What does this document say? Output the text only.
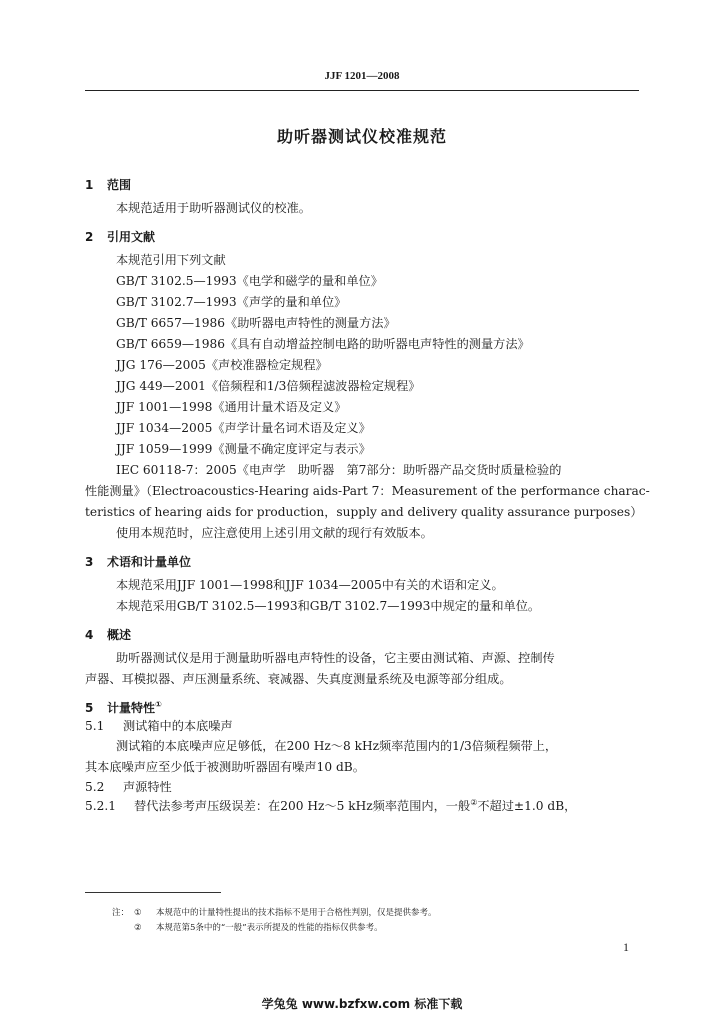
JJF 1201—2008
助听器测试仪校准规范
1 范围

本规范适用于助听器测试仪的校准。

2 引用文献

本规范引用下列文献

GB/T 3102.5—1993《电学和磁学的量和单位》

GB/T 3102.7—1993《声学的量和单位》

GB/T 6657—1986《助听器电声特性的测量方法》

GB/T 6659—1986《具有自动增益控制电路的助听器电声特性的测量方法》

JJG 176—2005《声校准器检定规程》

JJG 449—2001《倍频程和1/3倍频程滤波器检定规程》

JJF 1001—1998《通用计量术语及定义》

JJF 1034—2005《声学计量名词术语及定义》

JJF 1059—1999《测量不确定度评定与表示》

IEC 60118-7：2005《电声学　助听器　第7部分：助听器产品交货时质量检验的

性能测量》（Electroacoustics-Hearing aids-Part 7：Measurement of the performance charac-

teristics of hearing aids for production，supply and delivery quality assurance purposes）

使用本规范时，应注意使用上述引用文献的现行有效版本。

3 术语和计量单位

本规范采用JJF 1001—1998和JJF 1034—2005中有关的术语和定义。

本规范采用GB/T 3102.5—1993和GB/T 3102.7—1993中规定的量和单位。

4 概述

助听器测试仪是用于测量助听器电声特性的设备，它主要由测试箱、声源、控制传

声器、耳模拟器、声压测量系统、衰减器、失真度测量系统及电源等部分组成。

5 计量特性①

5.1 测试箱中的本底噪声

测试箱的本底噪声应足够低，在200 Hz～8 kHz频率范围内的1/3倍频程频带上，

其本底噪声应至少低于被测助听器固有噪声10 dB。

5.2 声源特性

5.2.1 替代法参考声压级误差：在200 Hz～5 kHz频率范围内，一般②不超过±1.0 dB，

注： ① 本规范中的计量特性提出的技术指标不是用于合格性判别，仅是提供参考。
② 本规范第5条中的“一般”表示所提及的性能的指标仅供参考。
1
学兔兔 www.bzfxw.com 标准下载
